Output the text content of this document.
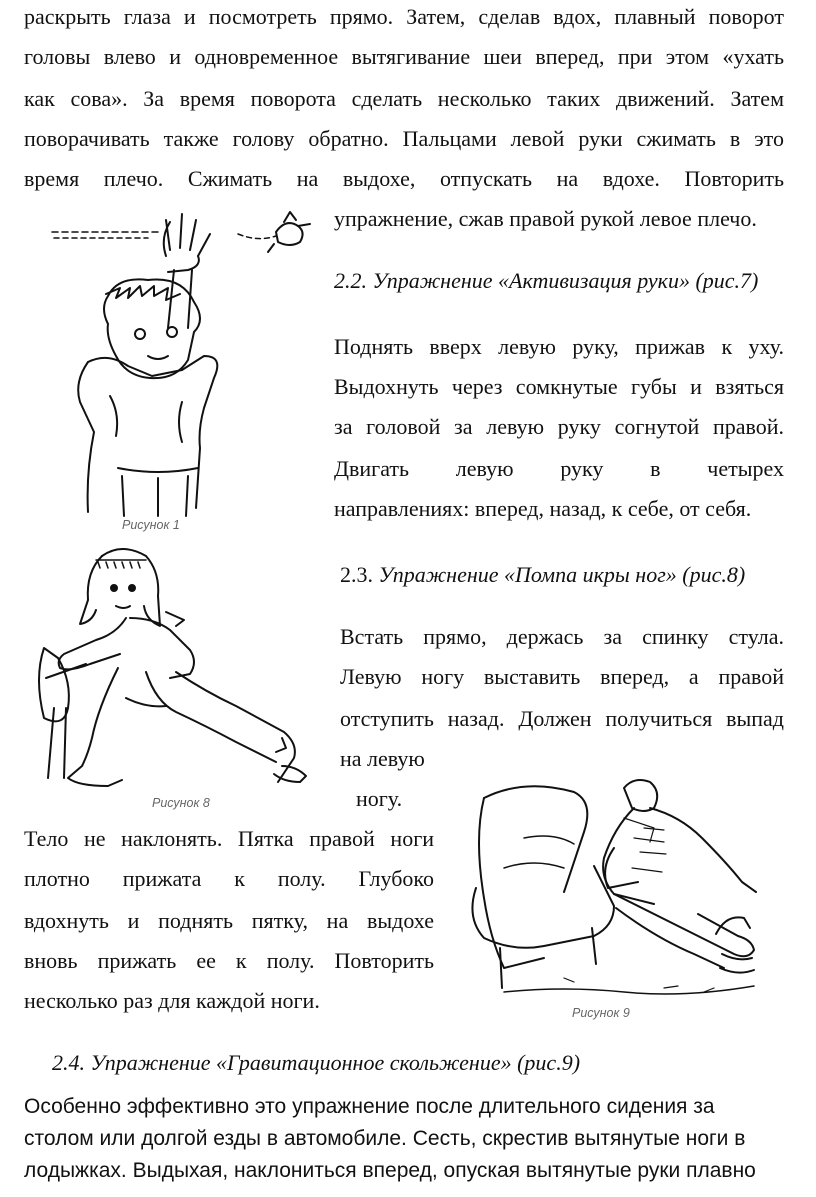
раскрыть глаза и посмотреть прямо. Затем, сделав вдох, плавный поворот
головы влево и одновременное вытягивание шеи вперед, при этом «ухать
как сова». За время поворота сделать несколько таких движений. Затем
поворачивать также голову обратно. Пальцами левой руки сжимать в это
время плечо. Сжимать на выдохе, отпускать на вдохе. Повторить
упражнение, сжав правой рукой левое плечо.
Рисунок 1
2.2. Упражнение «Активизация руки» (рис.7)
Поднять вверх левую руку, прижав к уху.
Выдохнуть через сомкнутые губы и взяться
за головой за левую руку согнутой правой.
Двигать левую руку в четырех
направлениях: вперед, назад, к себе, от себя.
Рисунок 8
2.3. Упражнение «Помпа икры ног» (рис.8)
Встать прямо, держась за спинку стула.
Левую ногу выставить вперед, а правой
отступить назад. Должен получиться выпад
на левую
ногу.
Тело не наклонять. Пятка правой ноги
плотно прижата к полу. Глубоко
вдохнуть и поднять пятку, на выдохе
вновь прижать ее к полу. Повторить
несколько раз для каждой ноги.	Рисунок 9
2.4. Упражнение «Гравитационное скольжение» (рис.9)
Особенно эффективно это упражнение после длительного сидения за
столом или долгой езды в автомобиле. Сесть, скрестив вытянутые ноги в
лодыжках. Выдыхая, наклониться вперед, опуская вытянутые руки плавно
